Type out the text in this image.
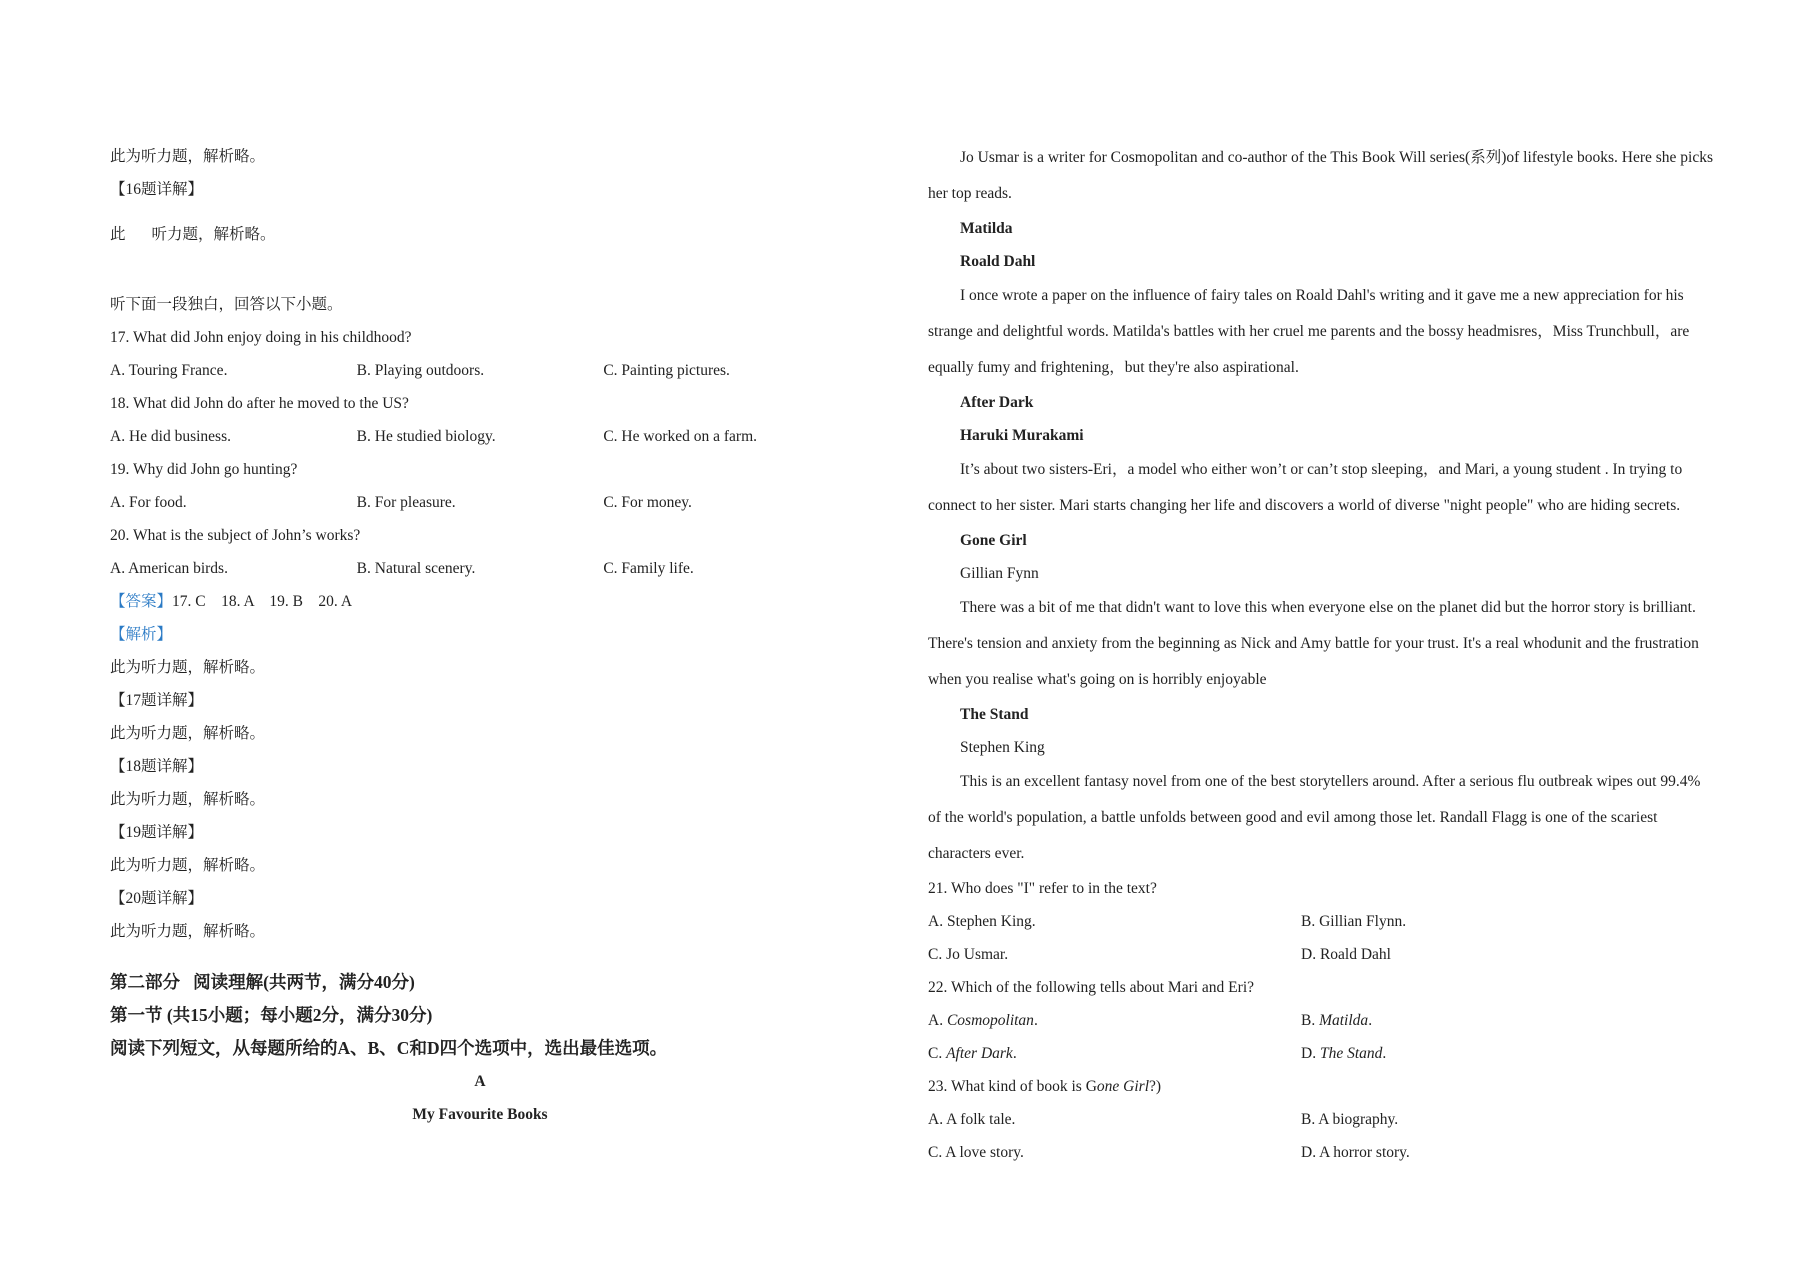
此为听力题，解析略。
【16题详解】
此 听力题，解析略。
听下面一段独白，回答以下小题。
17. What did John enjoy doing in his childhood?
A. Touring France.	B. Playing outdoors.	C. Painting pictures.
18. What did John do after he moved to the US?
A. He did business.	B. He studied biology.	C. He worked on a farm.
19. Why did John go hunting?
A. For food.	B. For pleasure.	C. For money.
20. What is the subject of John’s works?
A. American birds.	B. Natural scenery.	C. Family life.
【答案】17. C    18. A    19. B    20. A
【解析】
此为听力题，解析略。
【17题详解】
此为听力题，解析略。
【18题详解】
此为听力题，解析略。
【19题详解】
此为听力题，解析略。
【20题详解】
此为听力题，解析略。
第二部分   阅读理解(共两节，满分40分)
第一节 (共15小题；每小题2分，满分30分)
阅读下列短文，从每题所给的A、B、C和D四个选项中，选出最佳选项。
A
My Favourite Books
Jo Usmar is a writer for Cosmopolitan and co-author of the This Book Will series(系列)of lifestyle books. Here she picks her top reads.
Matilda
Roald Dahl
I once wrote a paper on the influence of fairy tales on Roald Dahl's writing and it gave me a new appreciation for his strange and delightful words. Matilda's battles with her cruel me parents and the bossy headmisres，Miss Trunchbull，are equally fumy and frightening，but they're also aspirational.
After Dark
Haruki Murakami
It’s about two sisters-Eri，a model who either won’t or can’t stop sleeping，and Mari, a young student . In trying to connect to her sister. Mari starts changing her life and discovers a world of diverse "night people" who are hiding secrets.
Gone Girl
Gillian Fynn
There was a bit of me that didn't want to love this when everyone else on the planet did but the horror story is brilliant. There's tension and anxiety from the beginning as Nick and Amy battle for your trust. It's a real whodunit and the frustration when you realise what's going on is horribly enjoyable
The Stand
Stephen King
This is an excellent fantasy novel from one of the best storytellers around. After a serious flu outbreak wipes out 99.4% of the world's population, a battle unfolds between good and evil among those let. Randall Flagg is one of the scariest characters ever.
21. Who does "I" refer to in the text?
A. Stephen King.	B. Gillian Flynn.
C. Jo Usmar.	D. Roald Dahl
22. Which of the following tells about Mari and Eri?
A. Cosmopolitan.	B. Matilda.
C. After Dark.	D. The Stand.
23. What kind of book is Gone Girl?)
A. A folk tale.	B. A biography.
C. A love story.	D. A horror story.
